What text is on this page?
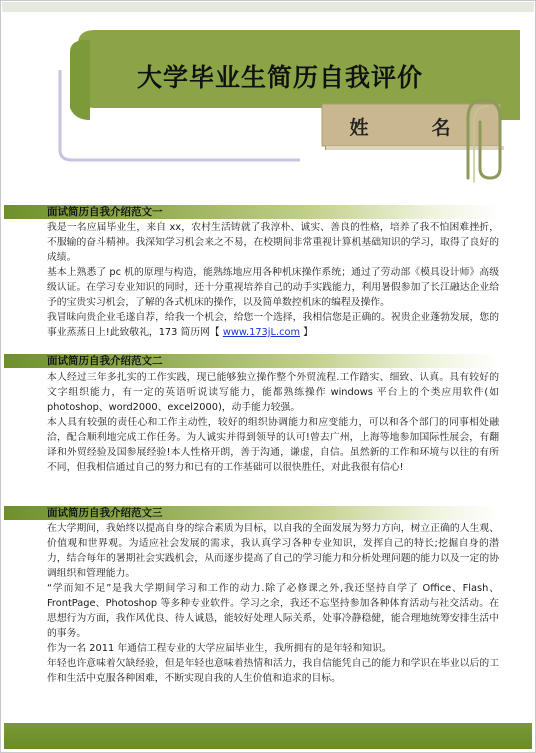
大学毕业生简历自我评价
姓　名
面试简历自我介绍范文一

我是一名应届毕业生，来自 xx，农村生活铸就了我淳朴、诚实、善良的性格，培养了我不怕困难挫折，不服输的奋斗精神。我深知学习机会来之不易，在校期间非常重视计算机基础知识的学习，取得了良好的成绩。

基本上熟悉了 pc 机的原理与构造，能熟练地应用各种机床操作系统；通过了劳动部《模具设计师》高级级认证。在学习专业知识的同时，还十分重视培养自己的动手实践能力，利用暑假参加了长江融达企业给予的宝贵实习机会，了解的各式机床的操作，以及简单数控机床的编程及操作。

我冒昧向贵企业毛遂自荐，给我一个机会，给您一个选择，我相信您是正确的。祝贵企业蓬勃发展，您的事业蒸蒸日上!此致敬礼，173 简历网【 www.173jL.com 】

面试简历自我介绍范文二

本人经过三年多扎实的工作实践，现已能够独立操作整个外贸流程.工作踏实、细致、认真。具有较好的文字组织能力，有一定的英语听说读写能力，能都熟练操作 windows 平台上的个类应用软件(如 photoshop、word2000、excel2000)，动手能力较强。

本人具有较强的责任心和工作主动性，较好的组织协调能力和应变能力，可以和各个部门的同事相处融洽，配合顺利地完成工作任务。为人诚实并得到领导的认可!曾去广州，上海等地参加国际性展会，有翻译和外贸经验及国参展经验!本人性格开朗，善于沟通，谦虚，自信。虽然新的工作和环境与以往的有所不同，但我相信通过自己的努力和已有的工作基础可以很快胜任，对此我很有信心!

面试简历自我介绍范文三

在大学期间，我始终以提高自身的综合素质为目标，以自我的全面发展为努力方向，树立正确的人生观、价值观和世界观。为适应社会发展的需求，我认真学习各种专业知识，发挥自己的特长;挖掘自身的潜力，结合每年的暑期社会实践机会，从而逐步提高了自己的学习能力和分析处理问题的能力以及一定的协调组织和管理能力。

“学而知不足”是我大学期间学习和工作的动力.除了必修课之外,我还坚持自学了 Office、Flash、FrontPage、Photoshop 等多种专业软件。学习之余，我还不忘坚持参加各种体育活动与社交活动。在思想行为方面，我作风优良、待人诚恳，能较好处理人际关系，处事冷静稳健，能合理地统筹安排生活中的事务。

作为一名 2011 年通信工程专业的大学应届毕业生，我所拥有的是年轻和知识。

年轻也许意味着欠缺经验，但是年轻也意味着热情和活力，我自信能凭自己的能力和学识在毕业以后的工作和生活中克服各种困难，不断实现自我的人生价值和追求的目标。
